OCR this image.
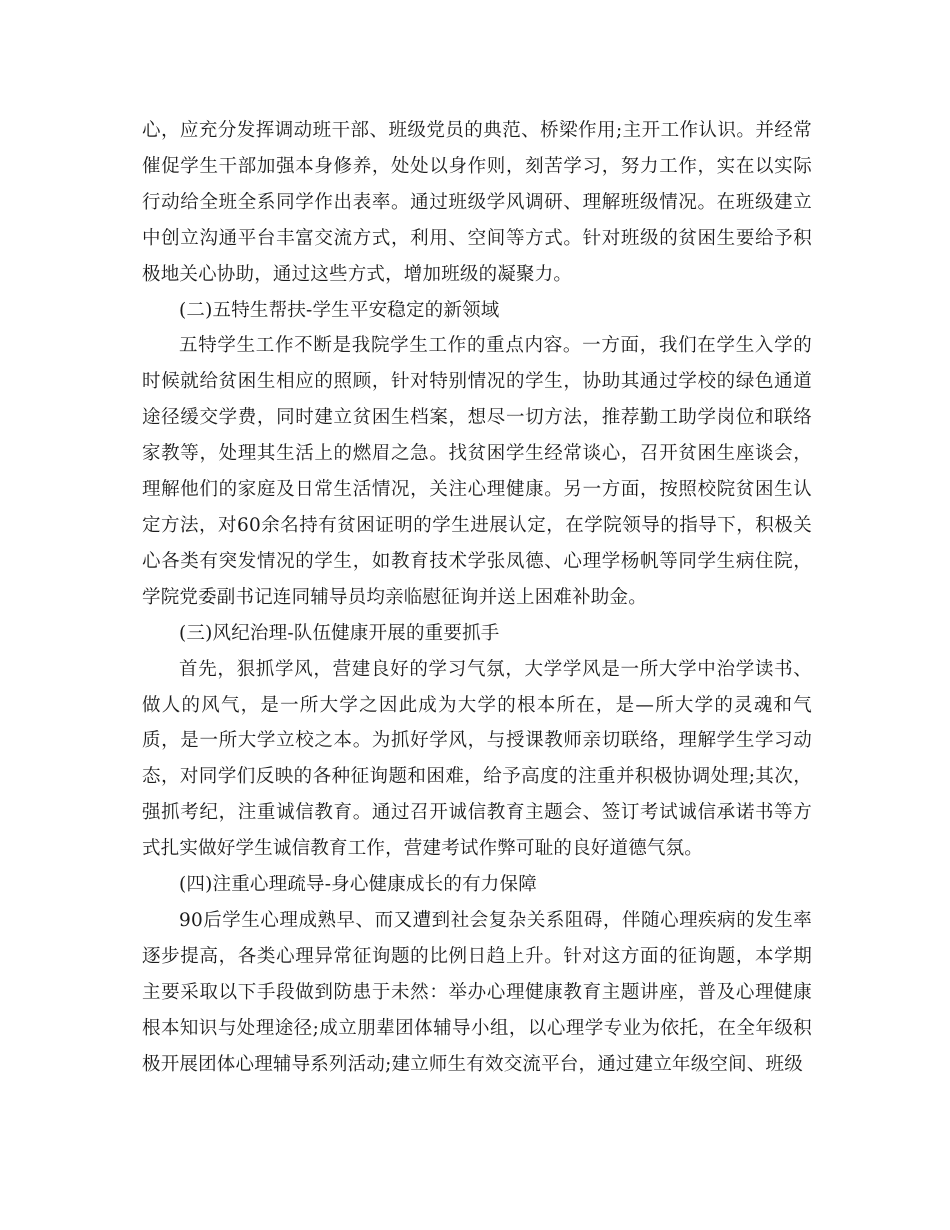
心，应充分发挥调动班干部、班级党员的典范、桥梁作用;主开工作认识。并经常催促学生干部加强本身修养，处处以身作则，刻苦学习，努力工作，实在以实际行动给全班全系同学作出表率。通过班级学风调研、理解班级情况。在班级建立中创立沟通平台丰富交流方式，利用、空间等方式。针对班级的贫困生要给予积极地关心协助，通过这些方式，增加班级的凝聚力。

(二)五特生帮扶-学生平安稳定的新领域

五特学生工作不断是我院学生工作的重点内容。一方面，我们在学生入学的时候就给贫困生相应的照顾，针对特别情况的学生，协助其通过学校的绿色通道途径缓交学费，同时建立贫困生档案，想尽一切方法，推荐勤工助学岗位和联络家教等，处理其生活上的燃眉之急。找贫困学生经常谈心，召开贫困生座谈会，理解他们的家庭及日常生活情况，关注心理健康。另一方面，按照校院贫困生认定方法，对60余名持有贫困证明的学生进展认定，在学院领导的指导下，积极关心各类有突发情况的学生，如教育技术学张凤德、心理学杨帆等同学生病住院，学院党委副书记连同辅导员均亲临慰征询并送上困难补助金。

(三)风纪治理-队伍健康开展的重要抓手

首先，狠抓学风，营建良好的学习气氛，大学学风是一所大学中治学读书、做人的风气，是一所大学之因此成为大学的根本所在，是—所大学的灵魂和气质，是一所大学立校之本。为抓好学风，与授课教师亲切联络，理解学生学习动态，对同学们反映的各种征询题和困难，给予高度的注重并积极协调处理;其次，强抓考纪，注重诚信教育。通过召开诚信教育主题会、签订考试诚信承诺书等方式扎实做好学生诚信教育工作，营建考试作弊可耻的良好道德气氛。

(四)注重心理疏导-身心健康成长的有力保障

90后学生心理成熟早、而又遭到社会复杂关系阻碍，伴随心理疾病的发生率逐步提高，各类心理异常征询题的比例日趋上升。针对这方面的征询题，本学期主要采取以下手段做到防患于未然：举办心理健康教育主题讲座，普及心理健康根本知识与处理途径;成立朋辈团体辅导小组，以心理学专业为依托，在全年级积极开展团体心理辅导系列活动;建立师生有效交流平台，通过建立年级空间、班级
